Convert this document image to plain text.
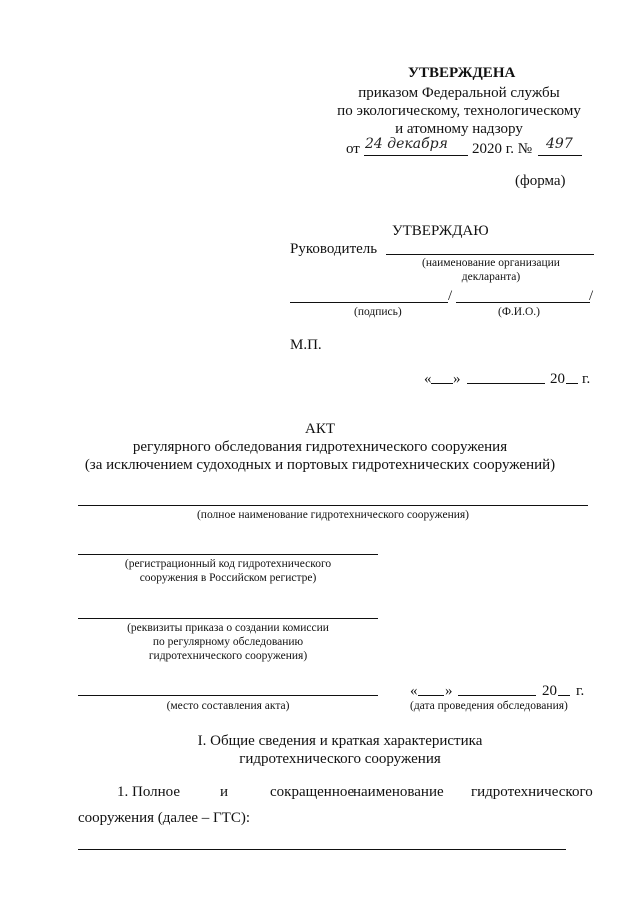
УТВЕРЖДЕНА
приказом Федеральной службы
по экологическому, технологическому
и атомному надзору
от 24 декабря 2020 г. № 497
(форма)
УТВЕРЖДАЮ
Руководитель
(наименование организации
декларанта)
/	/
(подпись)	(Ф.И.О.)
М.П.
« »	20 г.
АКТ
регулярного обследования гидротехнического сооружения
(за исключением судоходных и портовых гидротехнических сооружений)
(полное наименование гидротехнического сооружения)
(регистрационный код гидротехнического
сооружения в Российском регистре)
(реквизиты приказа о создании комиссии
по регулярному обследованию
гидротехнического сооружения)
(место составления акта)
« »	20 г.
(дата проведения обследования)
I. Общие сведения и краткая характеристика
гидротехнического сооружения
1. Полное	и	сокращенное
наименование гидротехнического
сооружения (далее – ГТС):
